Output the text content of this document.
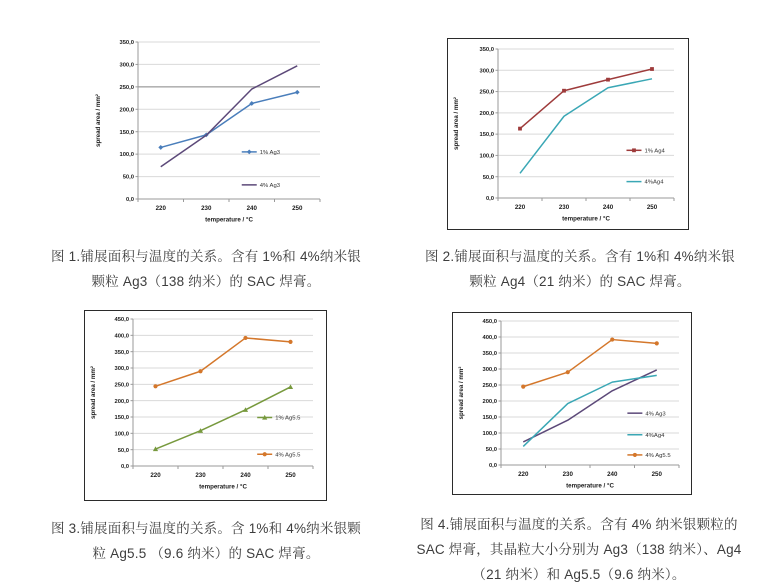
0,0
50,0
100,0
150,0
200,0
250,0
300,0
350,0
220	230	240	250
temperature / °C
spread area / mm²
1% Ag3
4% Ag3
0,0
50,0
100,0
150,0
200,0
250,0
300,0
350,0
220	230	240	250
temperature / °C
spread area / mm²
1% Ag4
4%Ag4
0,0
50,0
100,0
150,0
200,0
250,0
300,0
350,0
400,0
450,0
220	230	240	250
temperature / °C
spread area / mm²	1% Ag5.5
4% Ag5.5
0,0
50,0
100,0
150,0
200,0
250,0
300,0
350,0
400,0
450,0
220	230	240	250
temperature / °C
spread area / mm²	4% Ag3
4%Ag4
4% Ag5.5
图 1.铺展面积与温度的关系。含有 1%和 4%纳米银
颗粒 Ag3（138 纳米）的 SAC 焊膏。
图 2.铺展面积与温度的关系。含有 1%和 4%纳米银
颗粒 Ag4（21 纳米）的 SAC 焊膏。
图 3.铺展面积与温度的关系。含 1%和 4%纳米银颗
粒 Ag5.5 （9.6 纳米）的 SAC 焊膏。
图 4.铺展面积与温度的关系。含有 4% 纳米银颗粒的
SAC 焊膏，其晶粒大小分别为 Ag3（138 纳米）、Ag4
（21 纳米）和 Ag5.5（9.6 纳米）。
